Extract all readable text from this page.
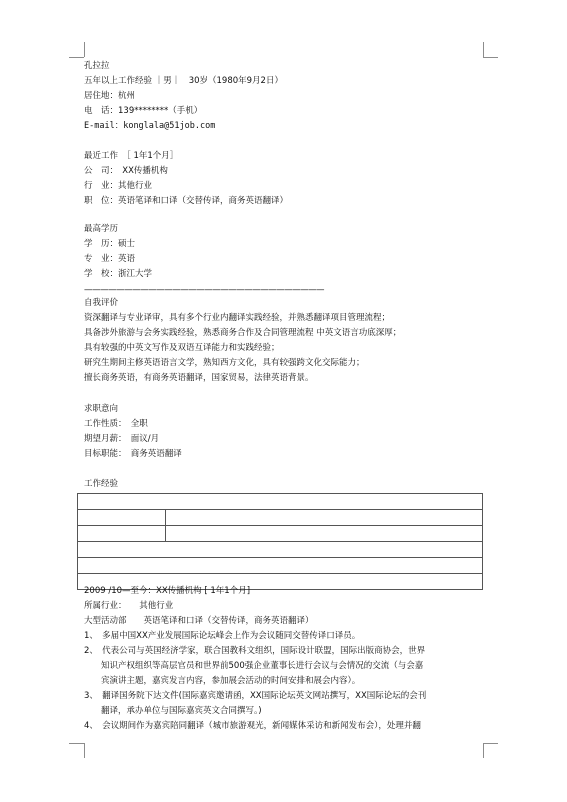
孔拉拉
五年以上工作经验 ｜男｜　30岁（1980年9月2日）
居住地：杭州
电　话：139********（手机）
E-mail：konglala@51job.com
最近工作　［ 1年1个月］
公　司：　XX传播机构
行　业：其他行业
职　位：英语笔译和口译（交替传译，商务英语翻译）
最高学历
学　历：硕士
专　业：英语
学　校：浙江大学
——————————————————————————————
自我评价
资深翻译与专业译审，具有多个行业内翻译实践经验，并熟悉翻译项目管理流程；
具备涉外旅游与会务实践经验，熟悉商务合作及合同管理流程 中英文语言功底深厚；
具有较强的中英文写作及双语互译能力和实践经验；
研究生期间主修英语语言文学，熟知西方文化，具有较强跨文化交际能力；
擅长商务英语，有商务英语翻译，国家贸易，法律英语背景。
求职意向
工作性质：　全职
期望月薪：　面议/月
目标职能：　商务英语翻译
工作经验

2009 /10—至今：XX传播机构 [ 1年1个月]
所属行业：　　其他行业
大型活动部　　英语笔译和口译（交替传译，商务英语翻译）
1、　多届中国XX产业发展国际论坛峰会上作为会议随同交替传译口译员。
2、　代表公司与英国经济学家，联合国教科文组织，国际设计联盟，国际出版商协会，世界
　　知识产权组织等高层官员和世界前500强企业董事长进行会议与会情况的交流（与会嘉
　　宾演讲主题，嘉宾发言内容，参加展会活动的时间安排和展会内容）。
3、　翻译国务院下达文件(国际嘉宾邀请函，XX国际论坛英文网站撰写，XX国际论坛的会刊
　　翻译，承办单位与国际嘉宾英文合同撰写。)
4、　会议期间作为嘉宾陪同翻译（城市旅游观光，新闻媒体采访和新闻发布会），处理并翻
